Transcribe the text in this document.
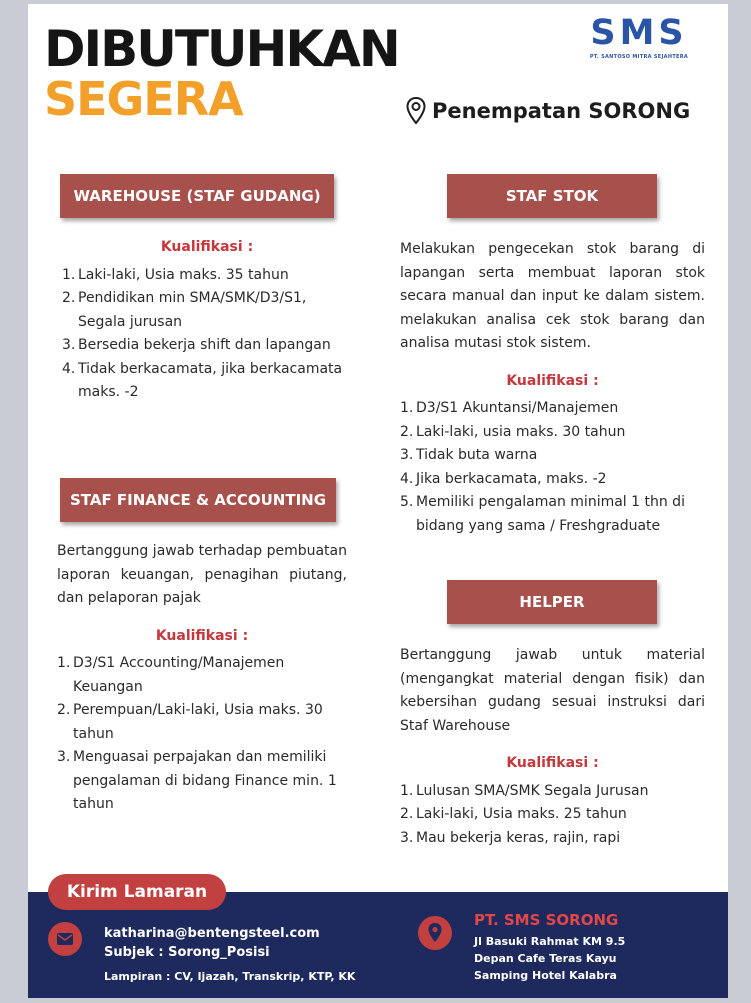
DIBUTUHKAN
SEGERA
SMS
PT. SANTOSO MITRA SEJAHTERA
Penempatan SORONG
WAREHOUSE (STAF GUDANG)
Kualifikasi :
1. Laki-laki, Usia maks. 35 tahun
2. Pendidikan min SMA/SMK/D3/S1, Segala jurusan
3. Bersedia bekerja shift dan lapangan
4. Tidak berkacamata, jika berkacamata maks. -2
STAF FINANCE & ACCOUNTING
Bertanggung jawab terhadap pembuatan laporan keuangan, penagihan piutang, dan pelaporan pajak
Kualifikasi :
1. D3/S1 Accounting/Manajemen Keuangan
2. Perempuan/Laki-laki, Usia maks. 30 tahun
3. Menguasai perpajakan dan memiliki pengalaman di bidang Finance min. 1 tahun
STAF STOK
Melakukan pengecekan stok barang di lapangan serta membuat laporan stok secara manual dan input ke dalam sistem. melakukan analisa cek stok barang dan analisa mutasi stok sistem.
Kualifikasi :
1. D3/S1 Akuntansi/Manajemen
2. Laki-laki, usia maks. 30 tahun
3. Tidak buta warna
4. Jika berkacamata, maks. -2
5. Memiliki pengalaman minimal 1 thn di bidang yang sama / Freshgraduate
HELPER
Bertanggung jawab untuk material (mengangkat material dengan fisik) dan kebersihan gudang sesuai instruksi dari Staf Warehouse
Kualifikasi :
1. Lulusan SMA/SMK Segala Jurusan
2. Laki-laki, Usia maks. 25 tahun
3. Mau bekerja keras, rajin, rapi
Kirim Lamaran
katharina@bentengsteel.com
Subjek : Sorong_Posisi
Lampiran : CV, Ijazah, Transkrip, KTP, KK
PT. SMS SORONG
Jl Basuki Rahmat KM 9.5
Depan Cafe Teras Kayu
Samping Hotel Kalabra
